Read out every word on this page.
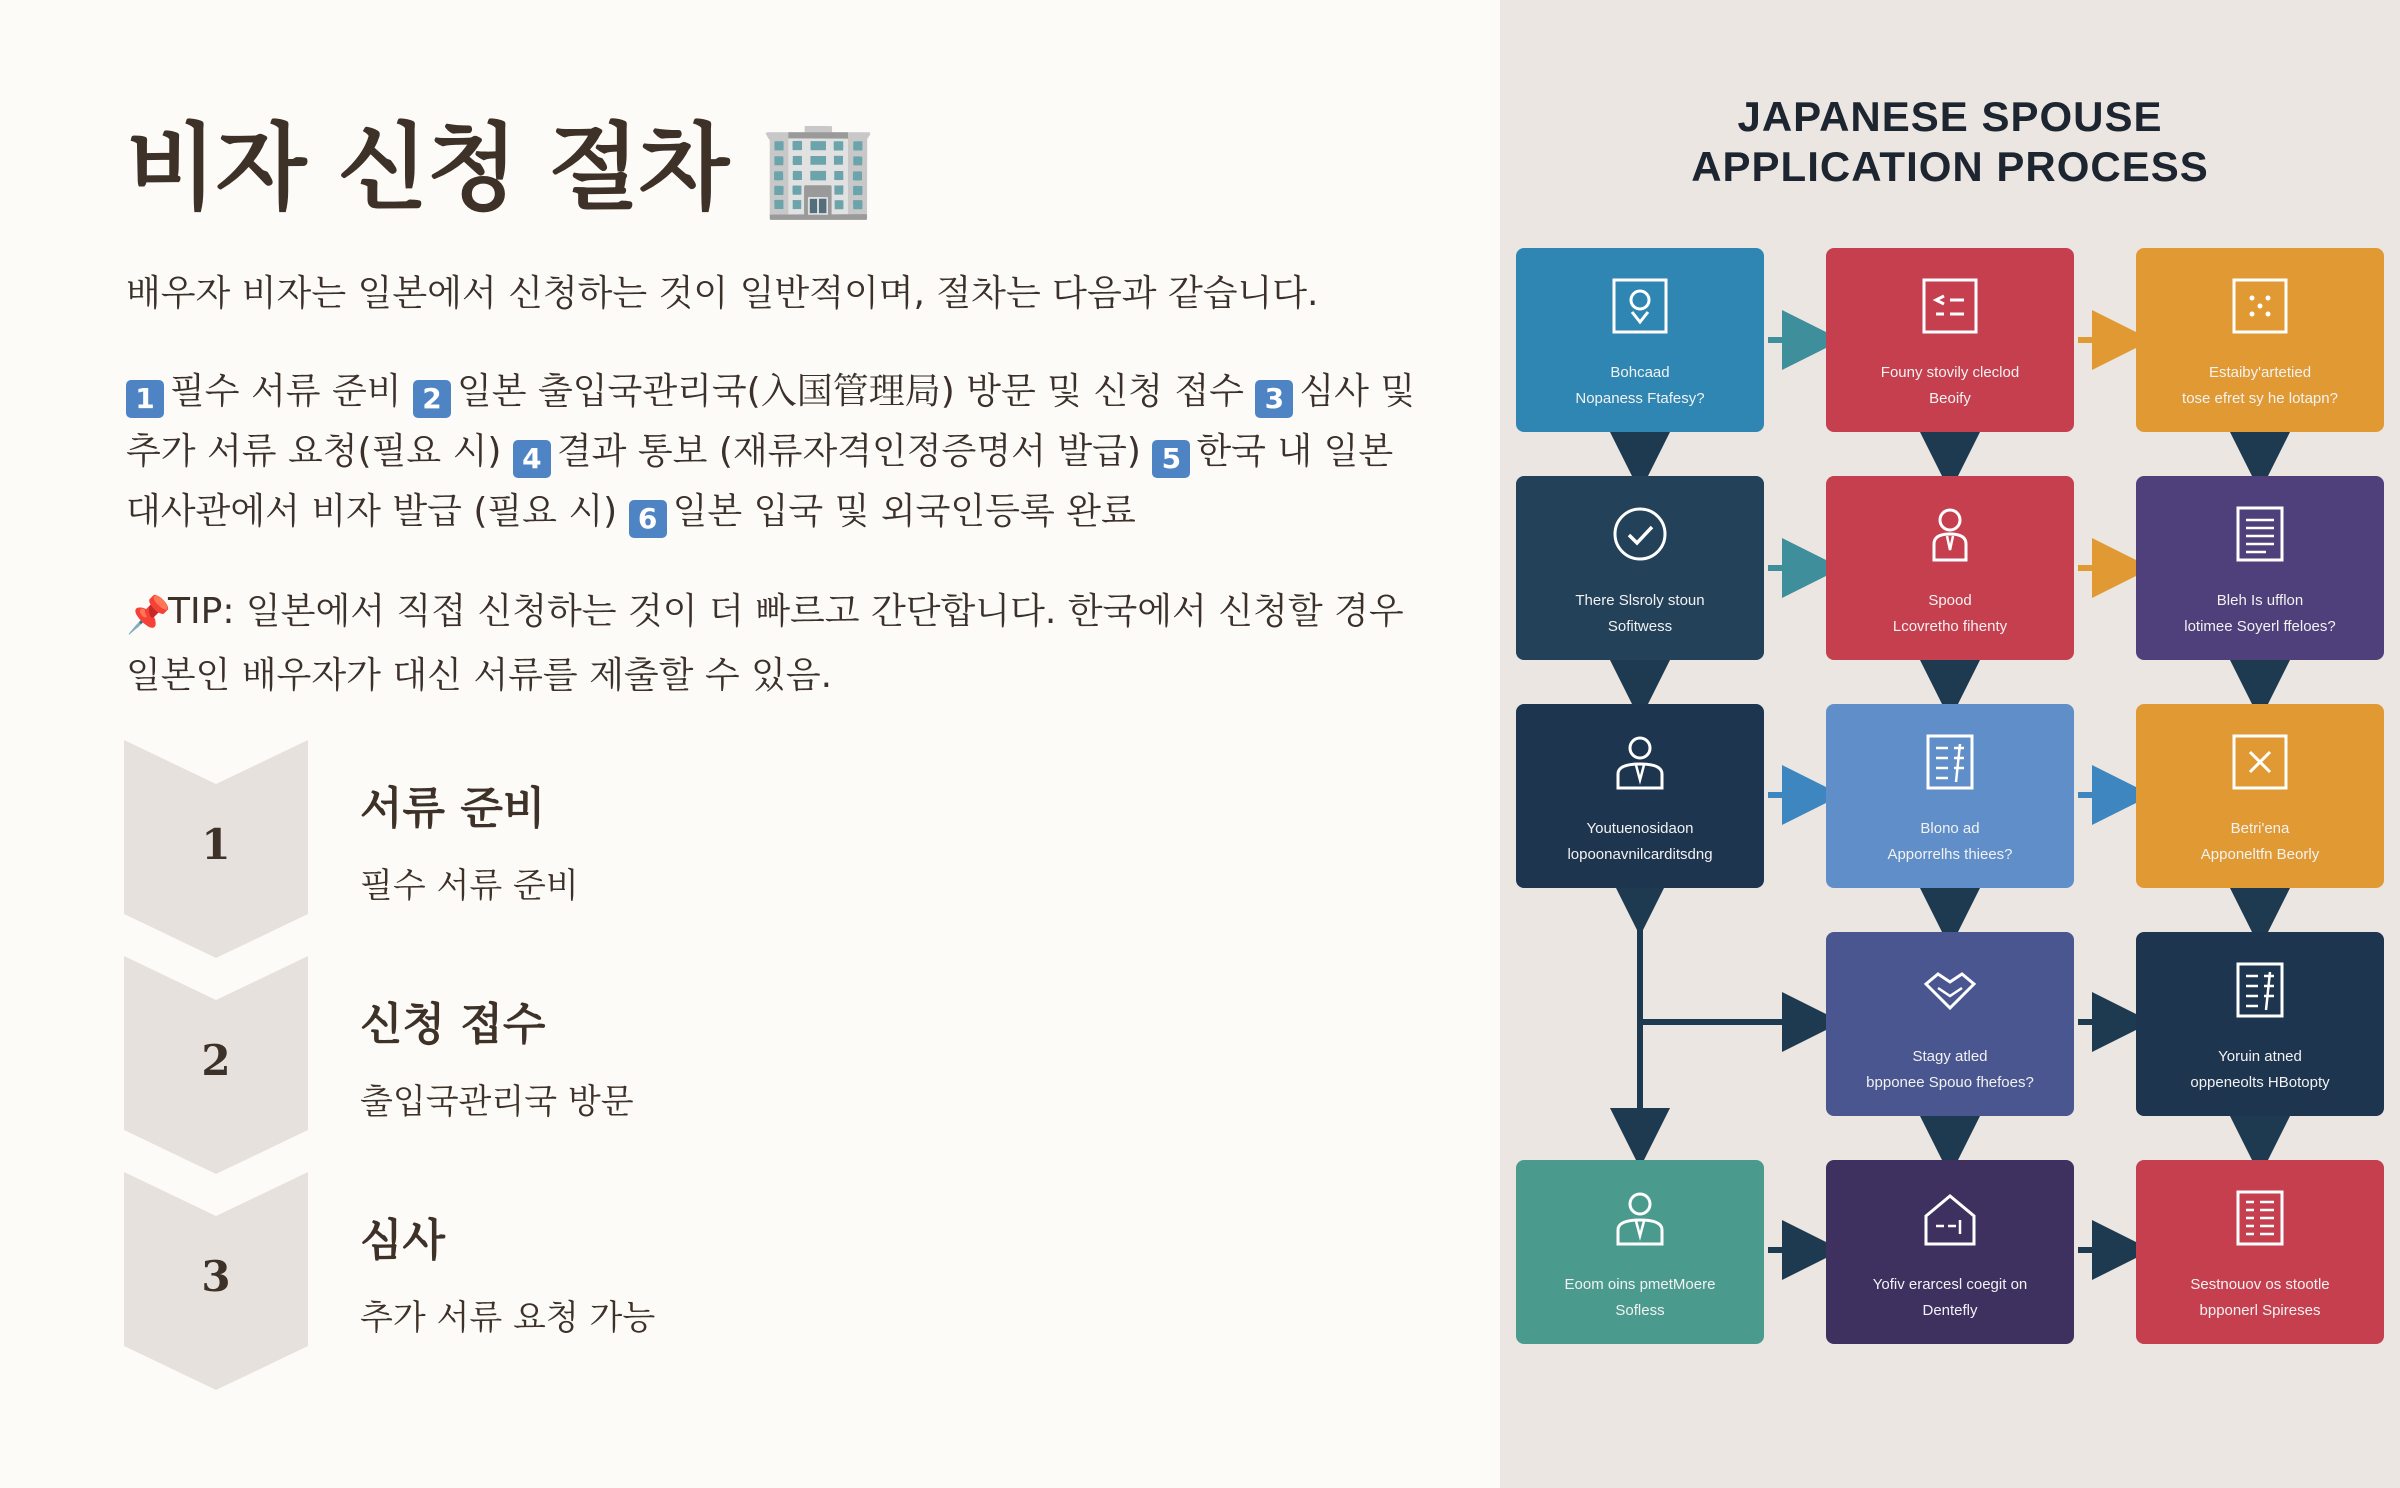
비자 신청 절차 🏢

배우자 비자는 일본에서 신청하는 것이 일반적이며, 절차는 다음과 같습니다.

1 필수 서류 준비 2 일본 출입국관리국(入国管理局) 방문 및 신청 접수 3 심사 및 추가 서류 요청(필요 시) 4 결과 통보 (재류자격인정증명서 발급) 5 한국 내 일본 대사관에서 비자 발급 (필요 시) 6 일본 입국 및 외국인등록 완료

📌TIP: 일본에서 직접 신청하는 것이 더 빠르고 간단합니다. 한국에서 신청할 경우 일본인 배우자가 대신 서류를 제출할 수 있음.

1
서류 준비
필수 서류 준비
2
신청 접수
출입국관리국 방문
3
심사
추가 서류 요청 가능
JAPANESE SPOUSE
APPLICATION PROCESS
Bohcaad
Nopaness Ftafesy?
Founy stovily cleclod
Beoify
Estaiby'artetied
tose efret sy he lotapn?
There Slsroly stoun
Sofitwess
Spood
Lcovretho fihenty
Bleh Is ufflon
lotimee Soyerl ffeloes?
Youtuenosidaon
lopoonavnilcarditsdng
Blono ad
Apporrelhs thiees?
Betri'ena
Apponeltfn Beorly
Stagy atled
bpponee Spouo fhefoes?
Yoruin atned
oppeneolts HBotopty
Eoom oins pmetMoere
Sofless
Yofiv erarcesl coegit on
Dentefly
Sestnouov os stootle
bpponerl Spireses
